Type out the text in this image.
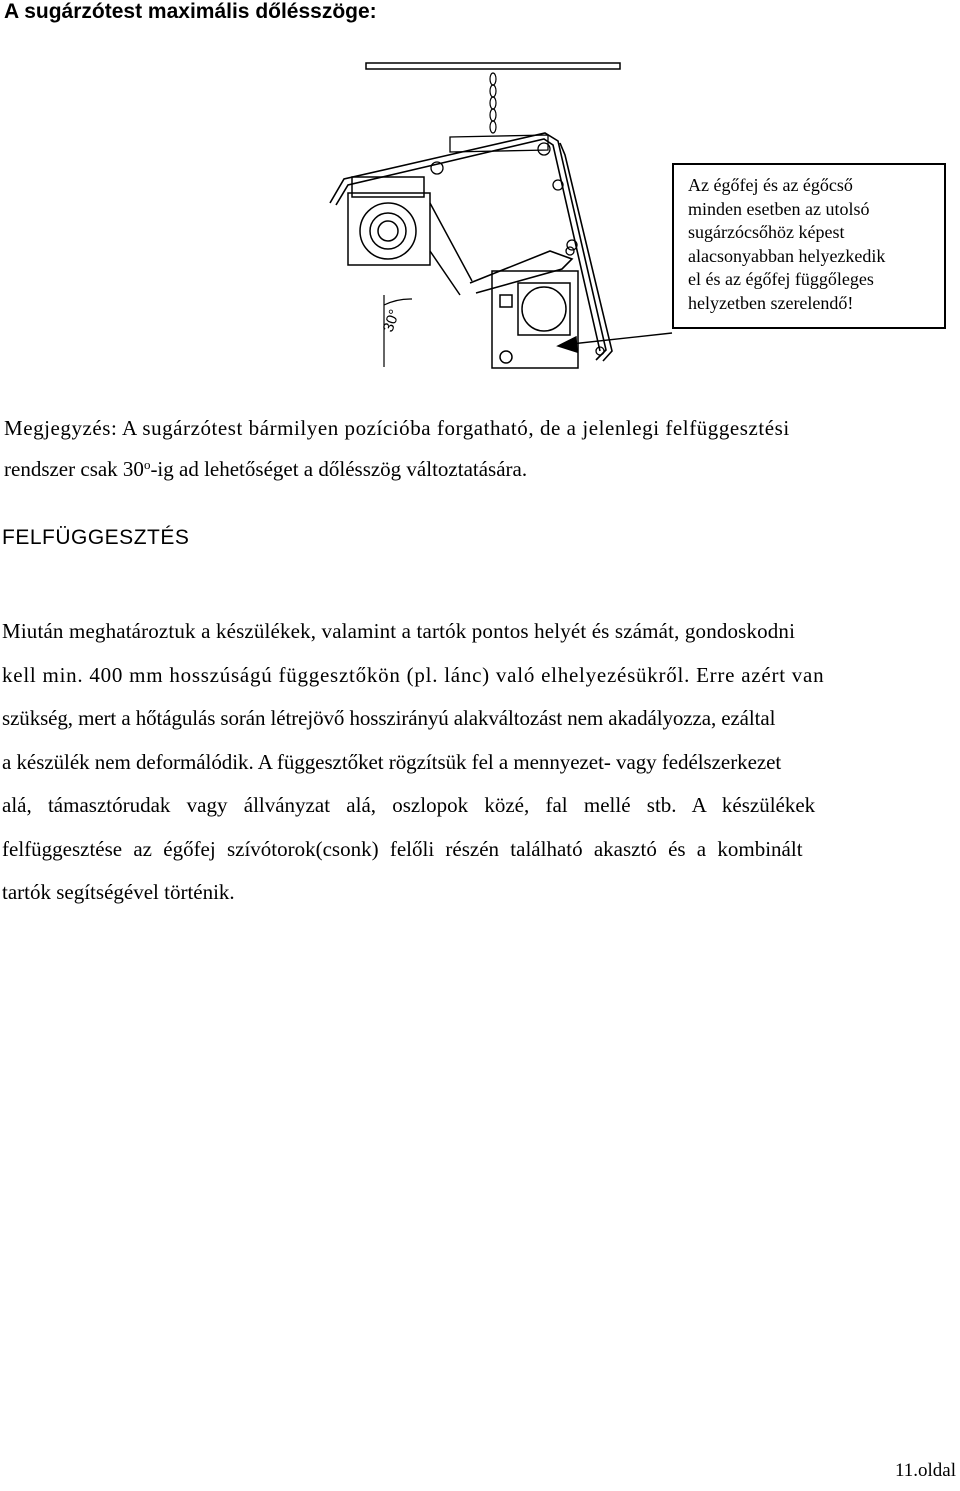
A sugárzótest maximális dőlésszöge:
30°
Az égőfej és az égőcső
minden esetben az utolsó
sugárzócsőhöz képest
alacsonyabban helyezkedik
el és az égőfej függőleges
helyzetben szerelendő!
Megjegyzés: A sugárzótest bármilyen pozícióba forgatható, de a jelenlegi felfüggesztési
rendszer csak 30$^o$-ig ad lehetőséget a dőlésszög változtatására.
FELFÜGGESZTÉS
Miután meghatároztuk a készülékek, valamint a tartók pontos helyét és számát, gondoskodni
kell min. 400 mm hosszúságú függesztőkön (pl. lánc) való elhelyezésükről. Erre azért van
szükség, mert a hőtágulás során létrejövő hosszirányú alakváltozást nem akadályozza, ezáltal
a készülék nem deformálódik. A függesztőket rögzítsük fel a mennyezet- vagy fedélszerkezet
alá, támasztórudak vagy állványzat alá, oszlopok közé, fal mellé stb. A készülékek
felfüggesztése az égőfej szívótorok(csonk) felőli részén található akasztó és a kombinált
tartók segítségével történik.
11.oldal
